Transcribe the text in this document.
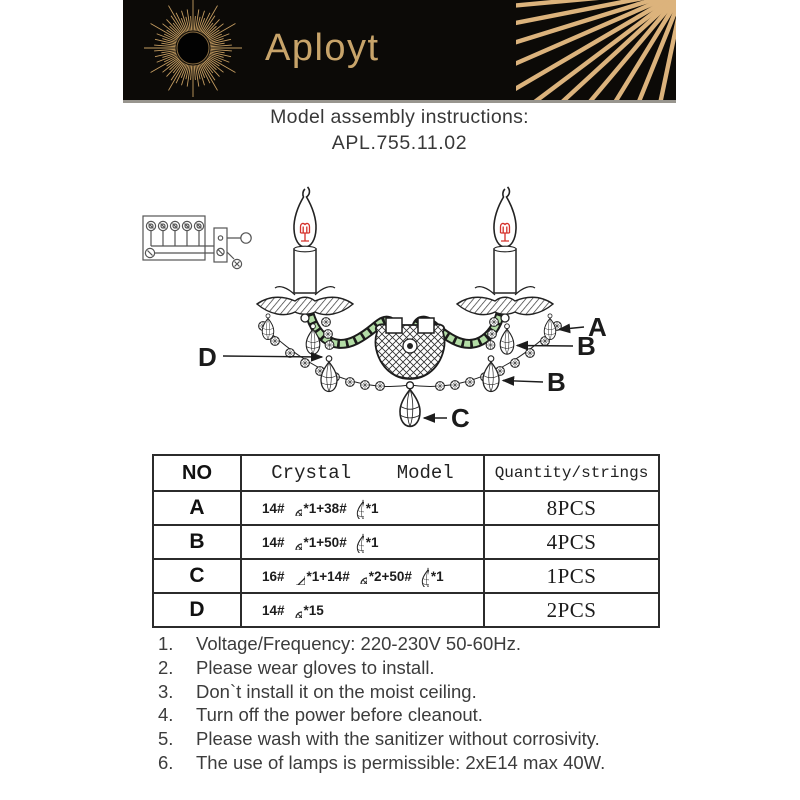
Aployt
Model assembly instructions:
APL.755.11.02
A
B
B
C
D
NO	Crystal    Model	Quantity/strings
A	14# *1+38# *1	8PCS
B	14# *1+50# *1	4PCS
C	16# *1+14# *2+50# *1	1PCS
D	14# *15	2PCS
1.	Voltage/Frequency: 220-230V 50-60Hz.
2.	Please wear gloves to install.
3.	Don`t install it on the moist ceiling.
4.	Turn off the power before cleanout.
5.	Please wash with the sanitizer without corrosivity.
6.	The use of lamps is permissible: 2xE14 max 40W.
